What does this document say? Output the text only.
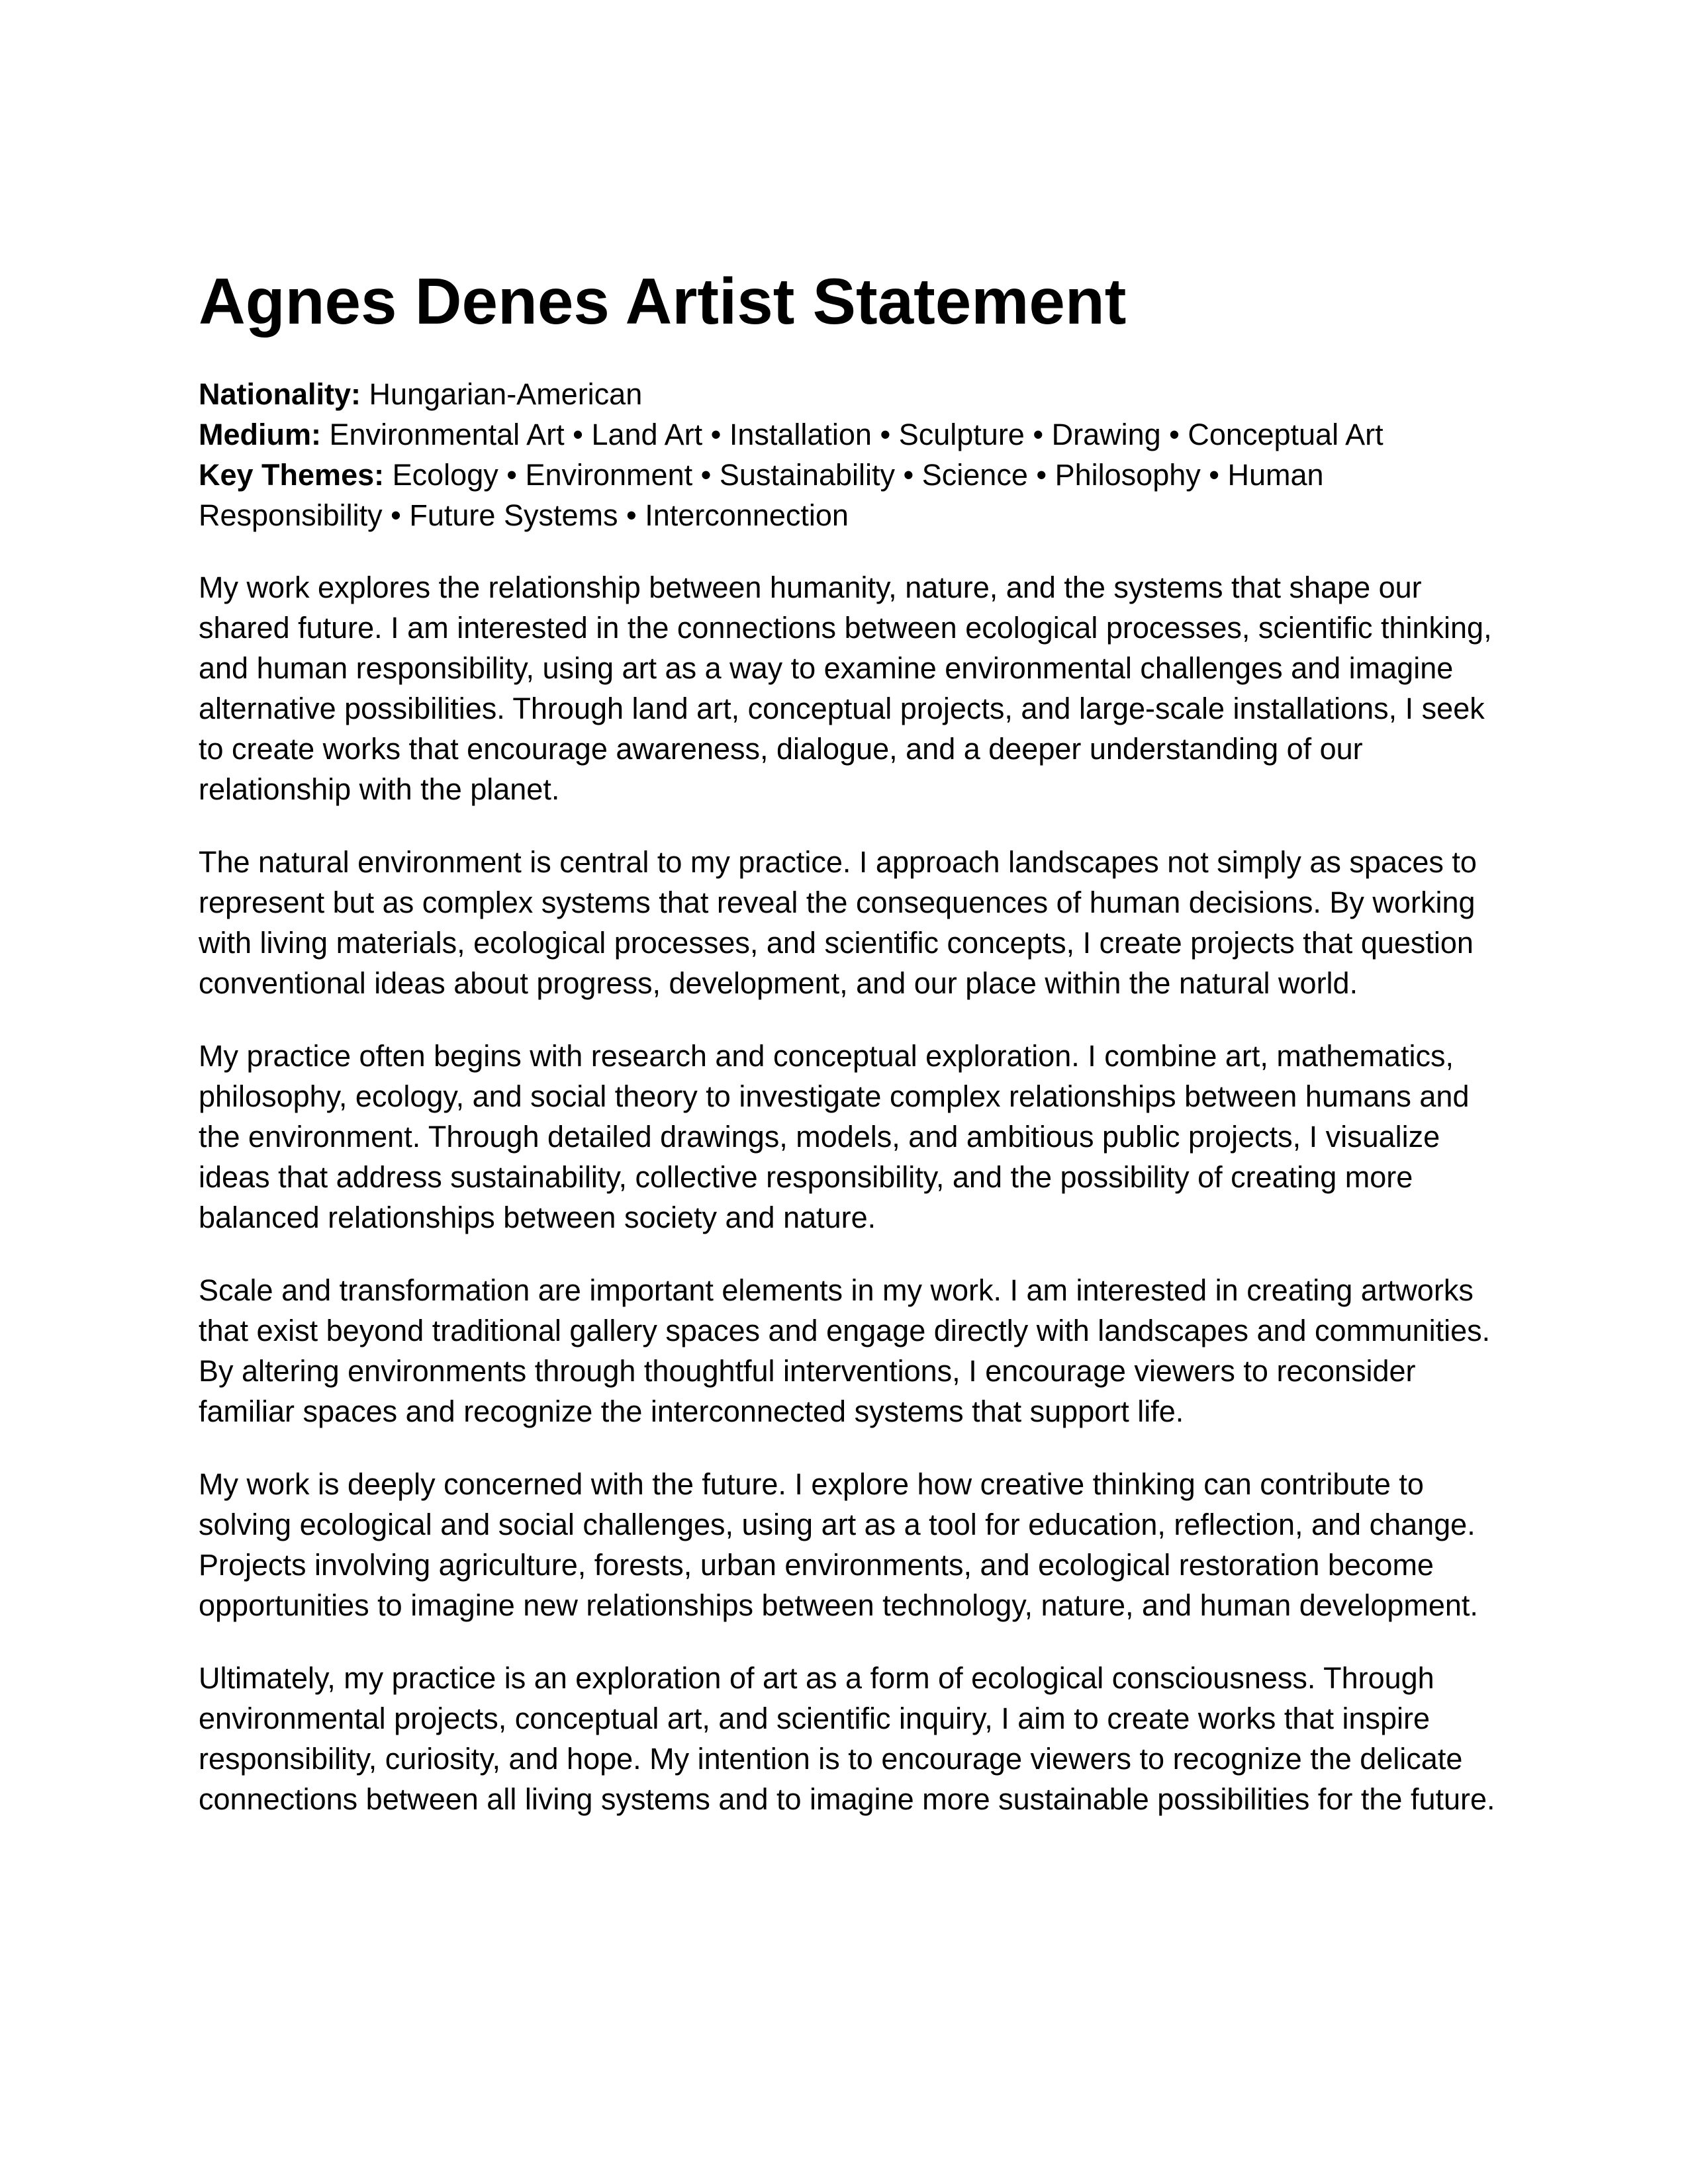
Agnes Denes Artist Statement
Nationality: Hungarian-American
Medium: Environmental Art • Land Art • Installation • Sculpture • Drawing • Conceptual Art
Key Themes: Ecology • Environment • Sustainability • Science • Philosophy • Human Responsibility • Future Systems • Interconnection

My work explores the relationship between humanity, nature, and the systems that shape our shared future. I am interested in the connections between ecological processes, scientific thinking, and human responsibility, using art as a way to examine environmental challenges and imagine alternative possibilities. Through land art, conceptual projects, and large-scale installations, I seek to create works that encourage awareness, dialogue, and a deeper understanding of our relationship with the planet.

The natural environment is central to my practice. I approach landscapes not simply as spaces to represent but as complex systems that reveal the consequences of human decisions. By working with living materials, ecological processes, and scientific concepts, I create projects that question conventional ideas about progress, development, and our place within the natural world.

My practice often begins with research and conceptual exploration. I combine art, mathematics, philosophy, ecology, and social theory to investigate complex relationships between humans and the environment. Through detailed drawings, models, and ambitious public projects, I visualize ideas that address sustainability, collective responsibility, and the possibility of creating more balanced relationships between society and nature.

Scale and transformation are important elements in my work. I am interested in creating artworks that exist beyond traditional gallery spaces and engage directly with landscapes and communities. By altering environments through thoughtful interventions, I encourage viewers to reconsider familiar spaces and recognize the interconnected systems that support life.

My work is deeply concerned with the future. I explore how creative thinking can contribute to solving ecological and social challenges, using art as a tool for education, reflection, and change. Projects involving agriculture, forests, urban environments, and ecological restoration become opportunities to imagine new relationships between technology, nature, and human development.

Ultimately, my practice is an exploration of art as a form of ecological consciousness. Through environmental projects, conceptual art, and scientific inquiry, I aim to create works that inspire responsibility, curiosity, and hope. My intention is to encourage viewers to recognize the delicate connections between all living systems and to imagine more sustainable possibilities for the future.
